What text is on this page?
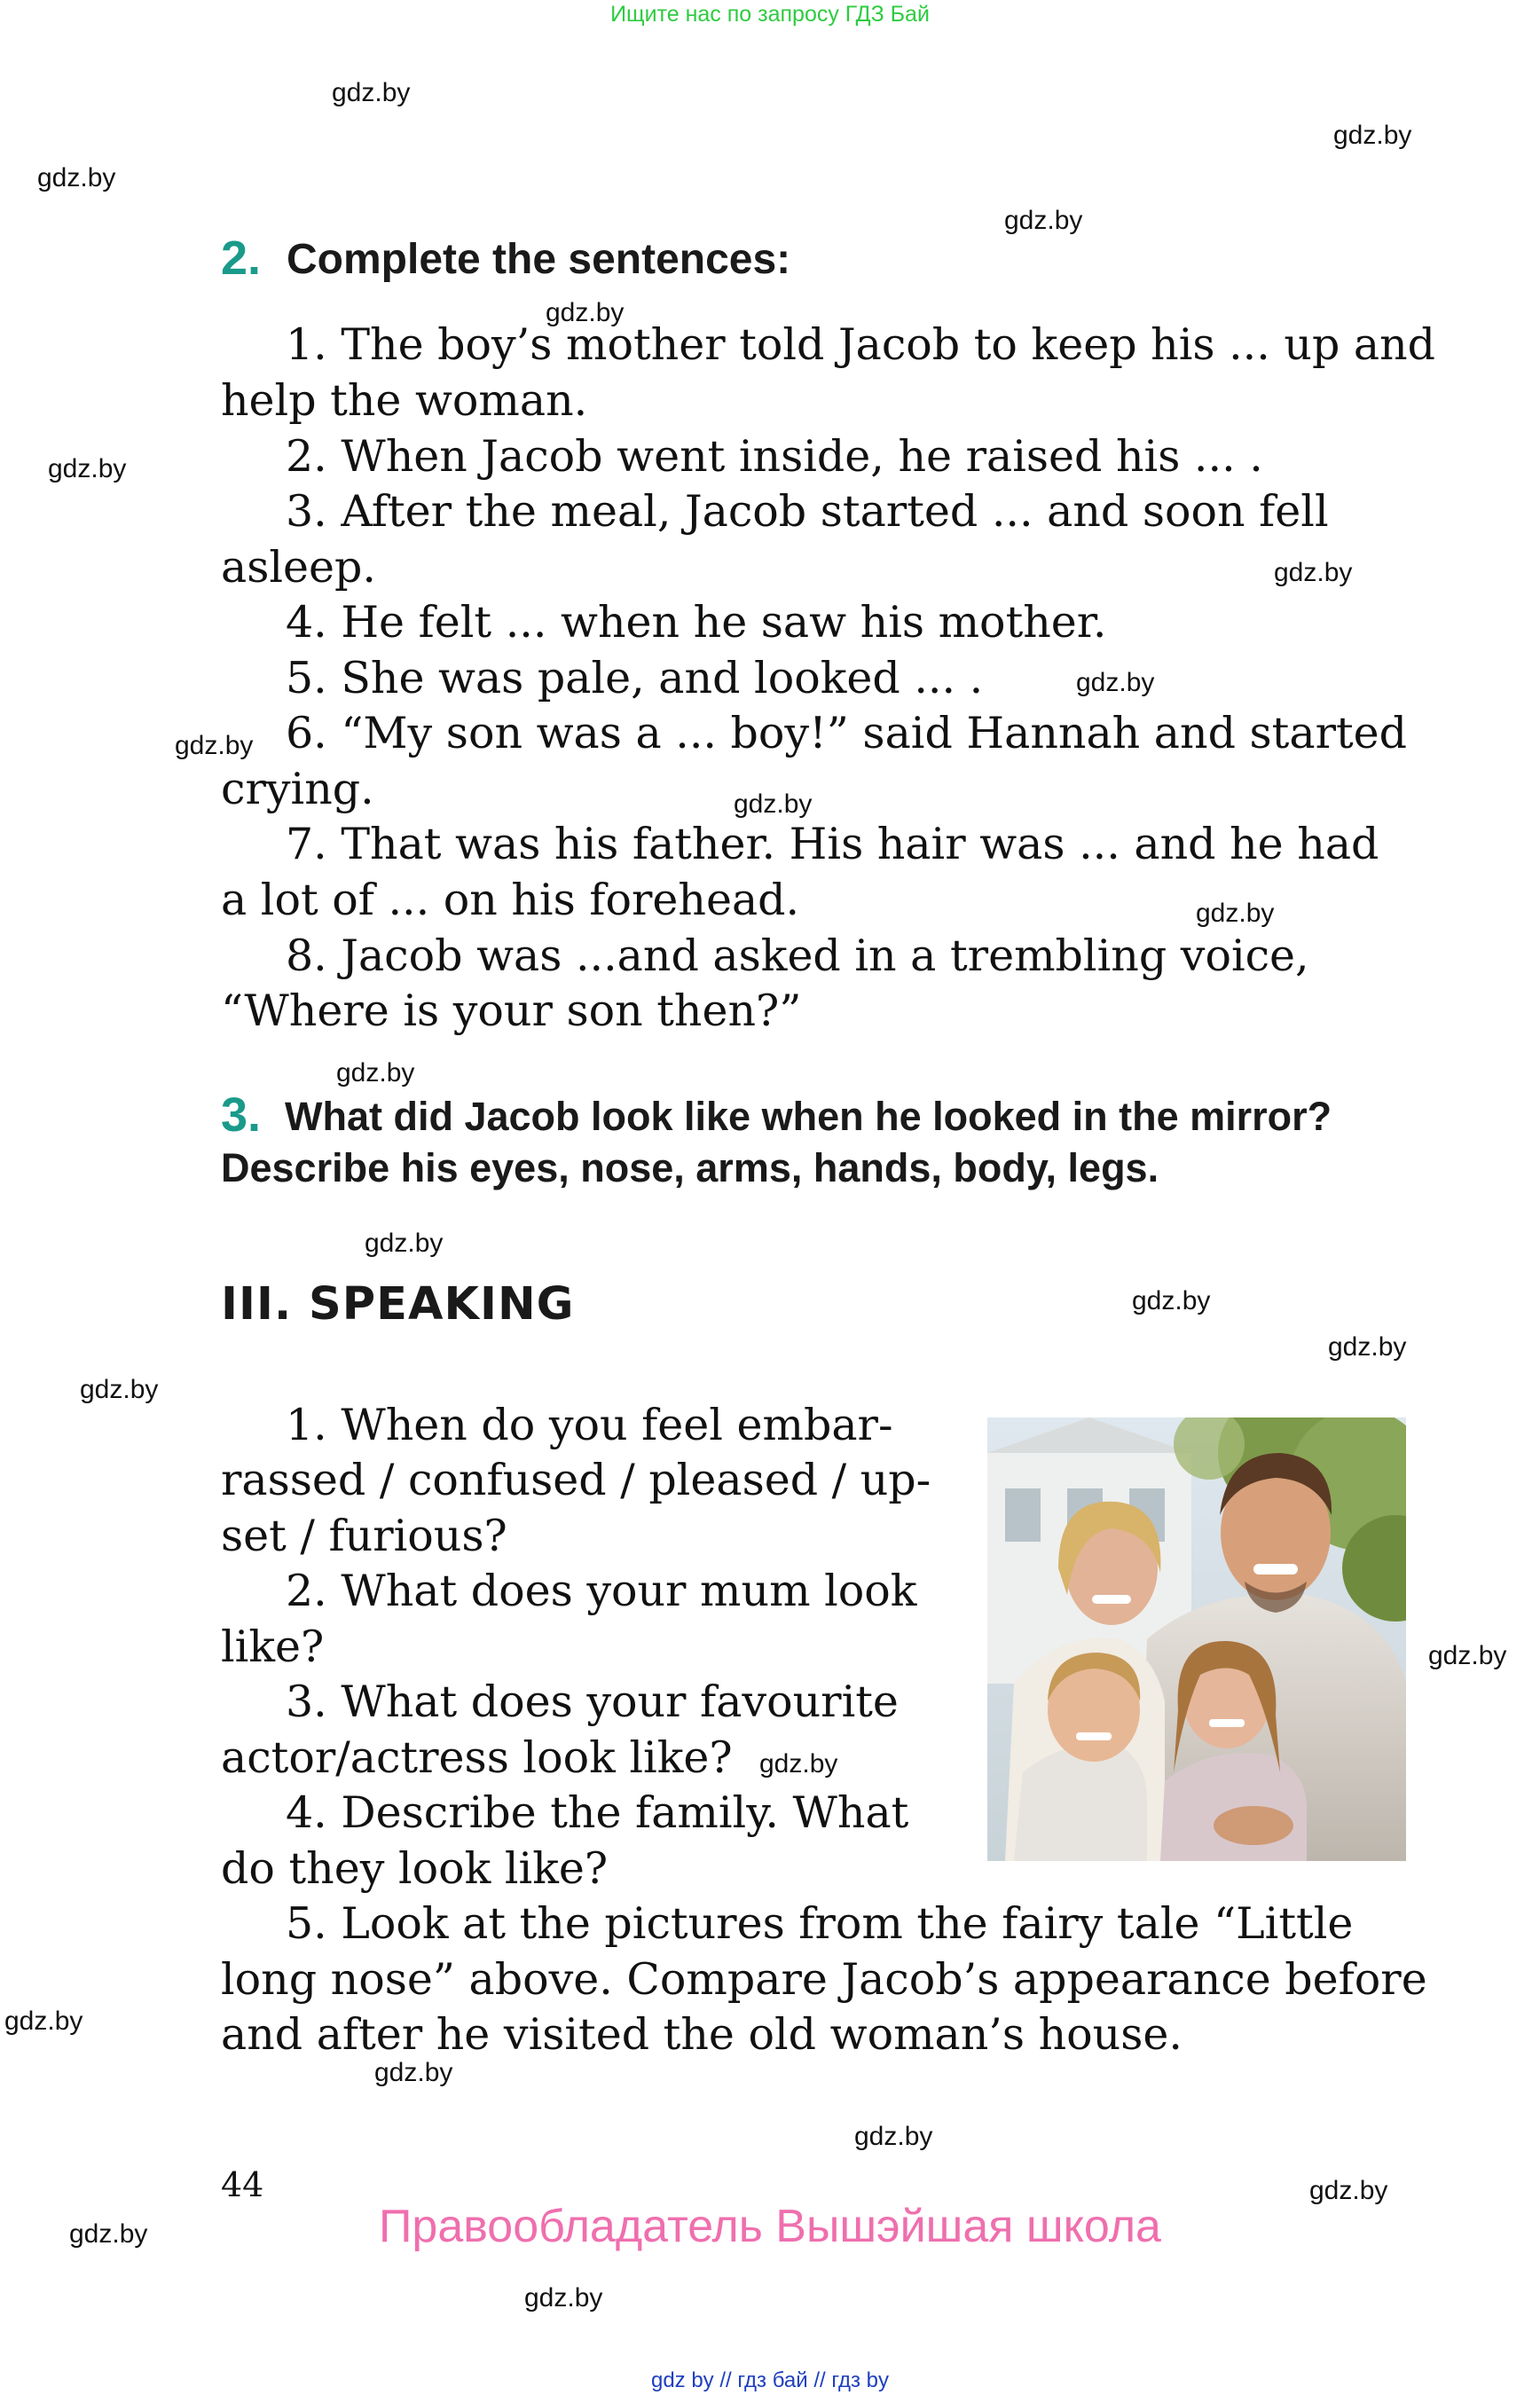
Ищите нас по запросу ГДЗ Бай
gdz.by
gdz.by
gdz.by
gdz.by
gdz.by
gdz.by
gdz.by
gdz.by
gdz.by
gdz.by
gdz.by
gdz.by
gdz.by
gdz.by
gdz.by
gdz.by
gdz.by
gdz.by
gdz.by
gdz.by
gdz.by
gdz.by
gdz.by
gdz.by
2. Complete the sentences:
1. The boy’s mother told Jacob to keep his ... up and
help the woman.
2. When Jacob went inside, he raised his ... .
3. After the meal, Jacob started ... and soon fell
asleep.
4. He felt ... when he saw his mother.
5. She was pale, and looked ... .
6. “My son was a ... boy!” said Hannah and started
crying.
7. That was his father. His hair was ... and he had
a lot of ... on his forehead.
8. Jacob was ...and asked in a trembling voice,
“Where is your son then?”
3. What did Jacob look like when he looked in the mirror?
Describe his eyes, nose, arms, hands, body, legs.
III. SPEAKING
1. When do you feel embar-
rassed / confused / pleased / up-
set / furious?
2. What does your mum look
like?
3. What does your favourite
actor/actress look like?
4. Describe the family. What
do they look like?
5. Look at the pictures from the fairy tale “Little
long nose” above. Compare Jacob’s appearance before
and after he visited the old woman’s house.
44
Правообладатель Вышэйшая школа
gdz by // гдз бай // гдз by
